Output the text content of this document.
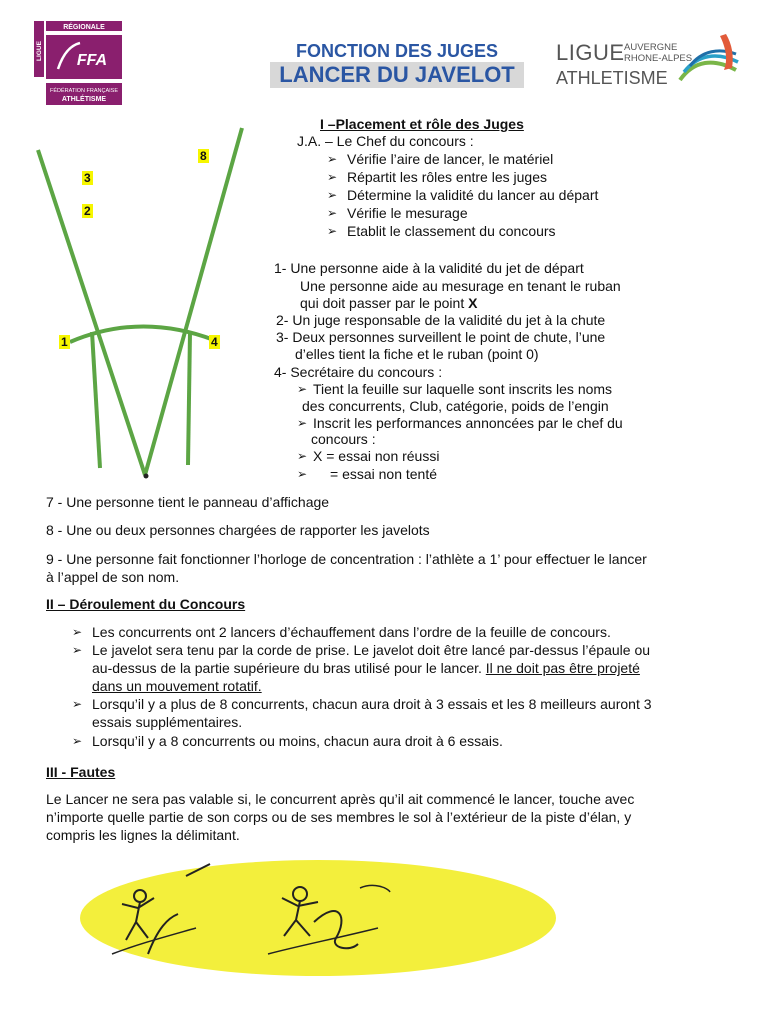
RÉGIONALE
LIGUE FFA
FÉDÉRATION FRANÇAISE
ATHLÉTISME
FONCTION DES JUGES
LANCER DU JAVELOT
LIGUE AUVERGNE
RHONE-ALPES
ATHLETISME
8
3
2
1	4
I –Placement et rôle des Juges
J.A. – Le Chef du concours :
➢ Vérifie l’aire de lancer, le matériel
➢ Répartit les rôles entre les juges
➢ Détermine la validité du lancer au départ
➢ Vérifie le mesurage
➢ Etablit le classement du concours
1- Une personne aide à la validité du jet de départ
Une personne aide au mesurage en tenant le ruban
qui doit passer par le point X
2- Un juge responsable de la validité du jet à la chute
3- Deux personnes surveillent le point de chute, l’une
d’elles tient la fiche et le ruban (point 0)
4- Secrétaire du concours :
➢ Tient la feuille sur laquelle sont inscrits les noms
des concurrents, Club, catégorie, poids de l’engin
➢ Inscrit les performances annoncées par le chef du
concours :
➢ X = essai non réussi
➢ = essai non tenté
7 - Une personne tient le panneau d’affichage
8 - Une ou deux personnes chargées de rapporter les javelots
9 - Une personne fait fonctionner l’horloge de concentration : l’athlète a 1’ pour effectuer le lancer
à l’appel de son nom.
II – Déroulement du Concours
➢ Les concurrents ont 2 lancers d’échauffement dans l’ordre de la feuille de concours.
➢ Le javelot sera tenu par la corde de prise. Le javelot doit être lancé par-dessus l’épaule ou
au-dessus de la partie supérieure du bras utilisé pour le lancer. Il ne doit pas être projeté
dans un mouvement rotatif.
➢ Lorsqu’il y a plus de 8 concurrents, chacun aura droit à 3 essais et les 8 meilleurs auront 3
essais supplémentaires.
➢ Lorsqu’il y a 8 concurrents ou moins, chacun aura droit à 6 essais.
III - Fautes
Le Lancer ne sera pas valable si, le concurrent après qu’il ait commencé le lancer, touche avec
n’importe quelle partie de son corps ou de ses membres le sol à l’extérieur de la piste d’élan, y
compris les lignes la délimitant.
